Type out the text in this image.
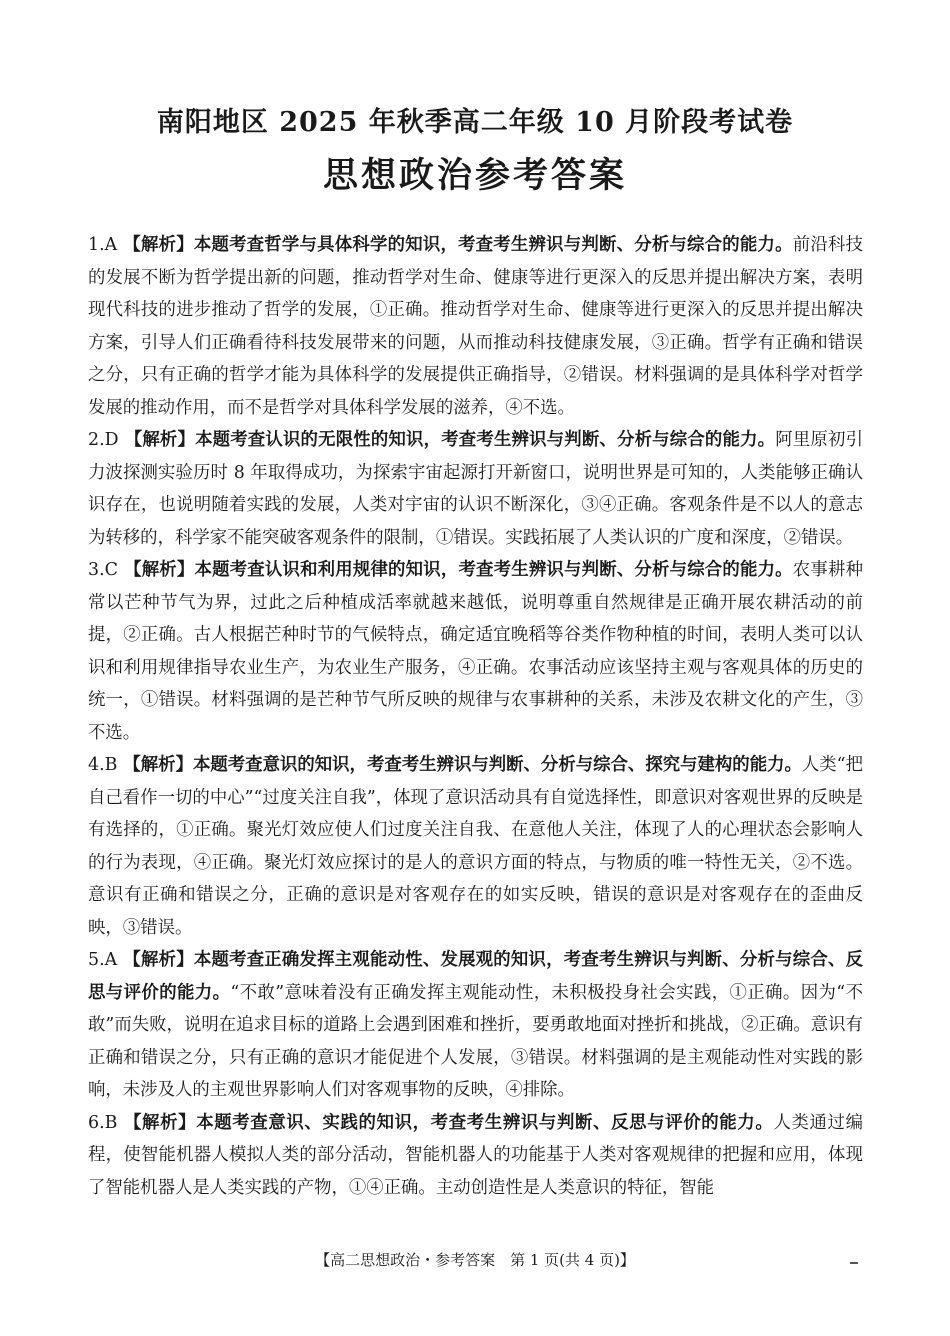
南阳地区 2025 年秋季高二年级 10 月阶段考试卷
思想政治参考答案

1.A 【解析】本题考查哲学与具体科学的知识，考查考生辨识与判断、分析与综合的能力。前沿科技的发展不断为哲学提出新的问题，推动哲学对生命、健康等进行更深入的反思并提出解决方案，表明现代科技的进步推动了哲学的发展，①正确。推动哲学对生命、健康等进行更深入的反思并提出解决方案，引导人们正确看待科技发展带来的问题，从而推动科技健康发展，③正确。哲学有正确和错误之分，只有正确的哲学才能为具体科学的发展提供正确指导，②错误。材料强调的是具体科学对哲学发展的推动作用，而不是哲学对具体科学发展的滋养，④不选。

2.D 【解析】本题考查认识的无限性的知识，考查考生辨识与判断、分析与综合的能力。阿里原初引力波探测实验历时 8 年取得成功，为探索宇宙起源打开新窗口，说明世界是可知的，人类能够正确认识存在，也说明随着实践的发展，人类对宇宙的认识不断深化，③④正确。客观条件是不以人的意志为转移的，科学家不能突破客观条件的限制，①错误。实践拓展了人类认识的广度和深度，②错误。

3.C 【解析】本题考查认识和利用规律的知识，考查考生辨识与判断、分析与综合的能力。农事耕种常以芒种节气为界，过此之后种植成活率就越来越低，说明尊重自然规律是正确开展农耕活动的前提，②正确。古人根据芒种时节的气候特点，确定适宜晚稻等谷类作物种植的时间，表明人类可以认识和利用规律指导农业生产，为农业生产服务，④正确。农事活动应该坚持主观与客观具体的历史的统一，①错误。材料强调的是芒种节气所反映的规律与农事耕种的关系，未涉及农耕文化的产生，③不选。

4.B 【解析】本题考查意识的知识，考查考生辨识与判断、分析与综合、探究与建构的能力。人类“把自己看作一切的中心”“过度关注自我”，体现了意识活动具有自觉选择性，即意识对客观世界的反映是有选择的，①正确。聚光灯效应使人们过度关注自我、在意他人关注，体现了人的心理状态会影响人的行为表现，④正确。聚光灯效应探讨的是人的意识方面的特点，与物质的唯一特性无关，②不选。意识有正确和错误之分，正确的意识是对客观存在的如实反映，错误的意识是对客观存在的歪曲反映，③错误。

5.A 【解析】本题考查正确发挥主观能动性、发展观的知识，考查考生辨识与判断、分析与综合、反思与评价的能力。“不敢”意味着没有正确发挥主观能动性，未积极投身社会实践，①正确。因为“不敢”而失败，说明在追求目标的道路上会遇到困难和挫折，要勇敢地面对挫折和挑战，②正确。意识有正确和错误之分，只有正确的意识才能促进个人发展，③错误。材料强调的是主观能动性对实践的影响，未涉及人的主观世界影响人们对客观事物的反映，④排除。

6.B 【解析】本题考查意识、实践的知识，考查考生辨识与判断、反思与评价的能力。人类通过编程，使智能机器人模拟人类的部分活动，智能机器人的功能基于人类对客观规律的把握和应用，体现了智能机器人是人类实践的产物，①④正确。主动创造性是人类意识的特征，智能

【高二思想政治・参考答案　第 1 页(共 4 页)】
